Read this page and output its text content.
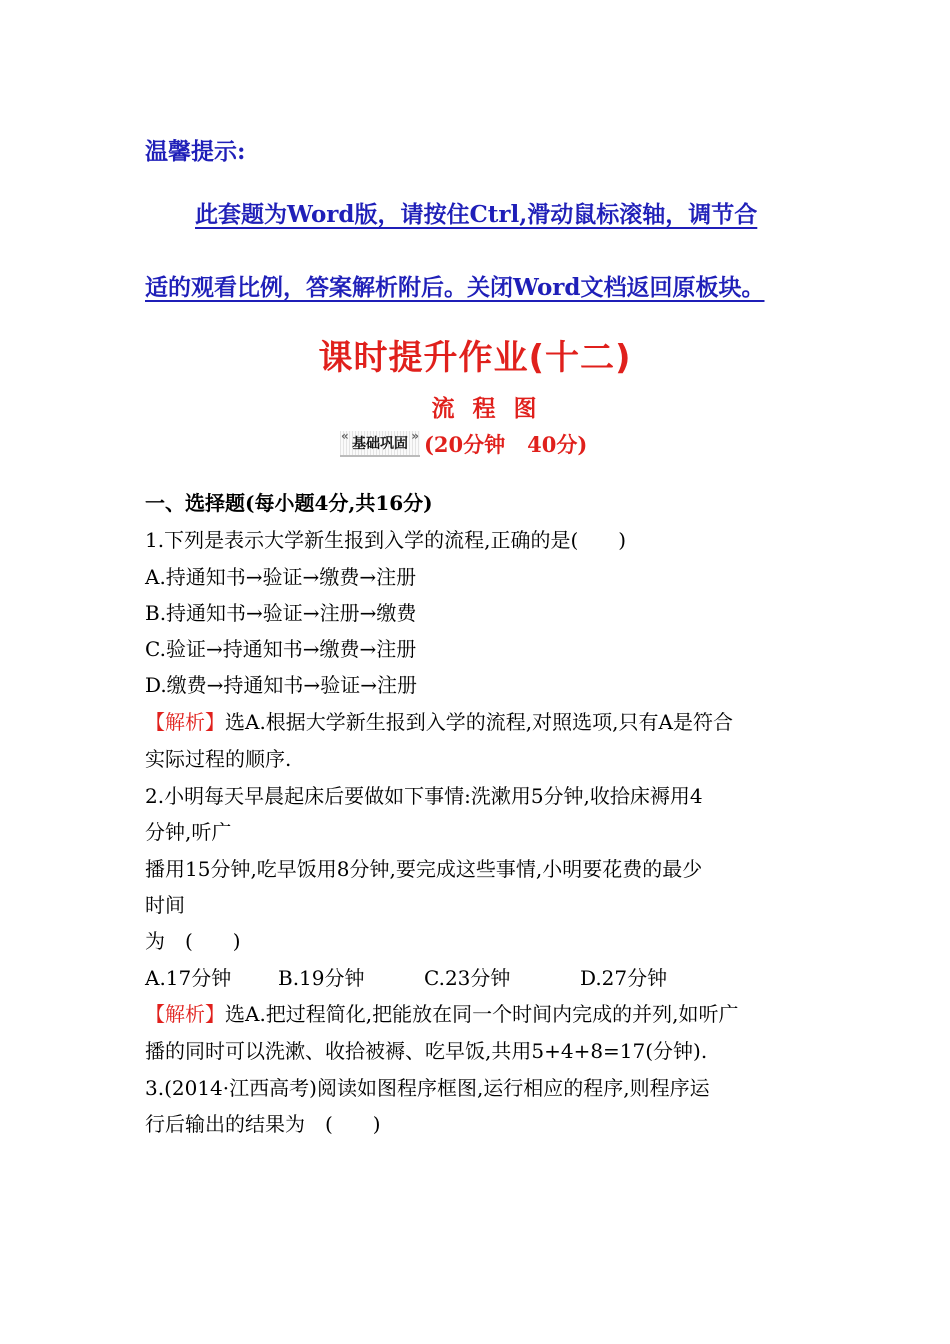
温馨提示:
此套题为Word版，请按住Ctrl,滑动鼠标滚轴，调节合
适的观看比例，答案解析附后。关闭Word文档返回原板块。
课时提升作业(十二)
流程图
« 基础巩固 » (20分钟   40分)
一、选择题(每小题4分,共16分)
1.下列是表示大学新生报到入学的流程,正确的是(　　)
A.持通知书→验证→缴费→注册
B.持通知书→验证→注册→缴费
C.验证→持通知书→缴费→注册
D.缴费→持通知书→验证→注册
【解析】选A.根据大学新生报到入学的流程,对照选项,只有A是符合
实际过程的顺序.
2.小明每天早晨起床后要做如下事情:洗漱用5分钟,收拾床褥用4
分钟,听广
播用15分钟,吃早饭用8分钟,要完成这些事情,小明要花费的最少
时间
为　(　　)
A.17分钟	B.19分钟	C.23分钟	D.27分钟
【解析】选A.把过程简化,把能放在同一个时间内完成的并列,如听广
播的同时可以洗漱、收拾被褥、吃早饭,共用5+4+8=17(分钟).
3.(2014·江西高考)阅读如图程序框图,运行相应的程序,则程序运
行后输出的结果为　(　　)
